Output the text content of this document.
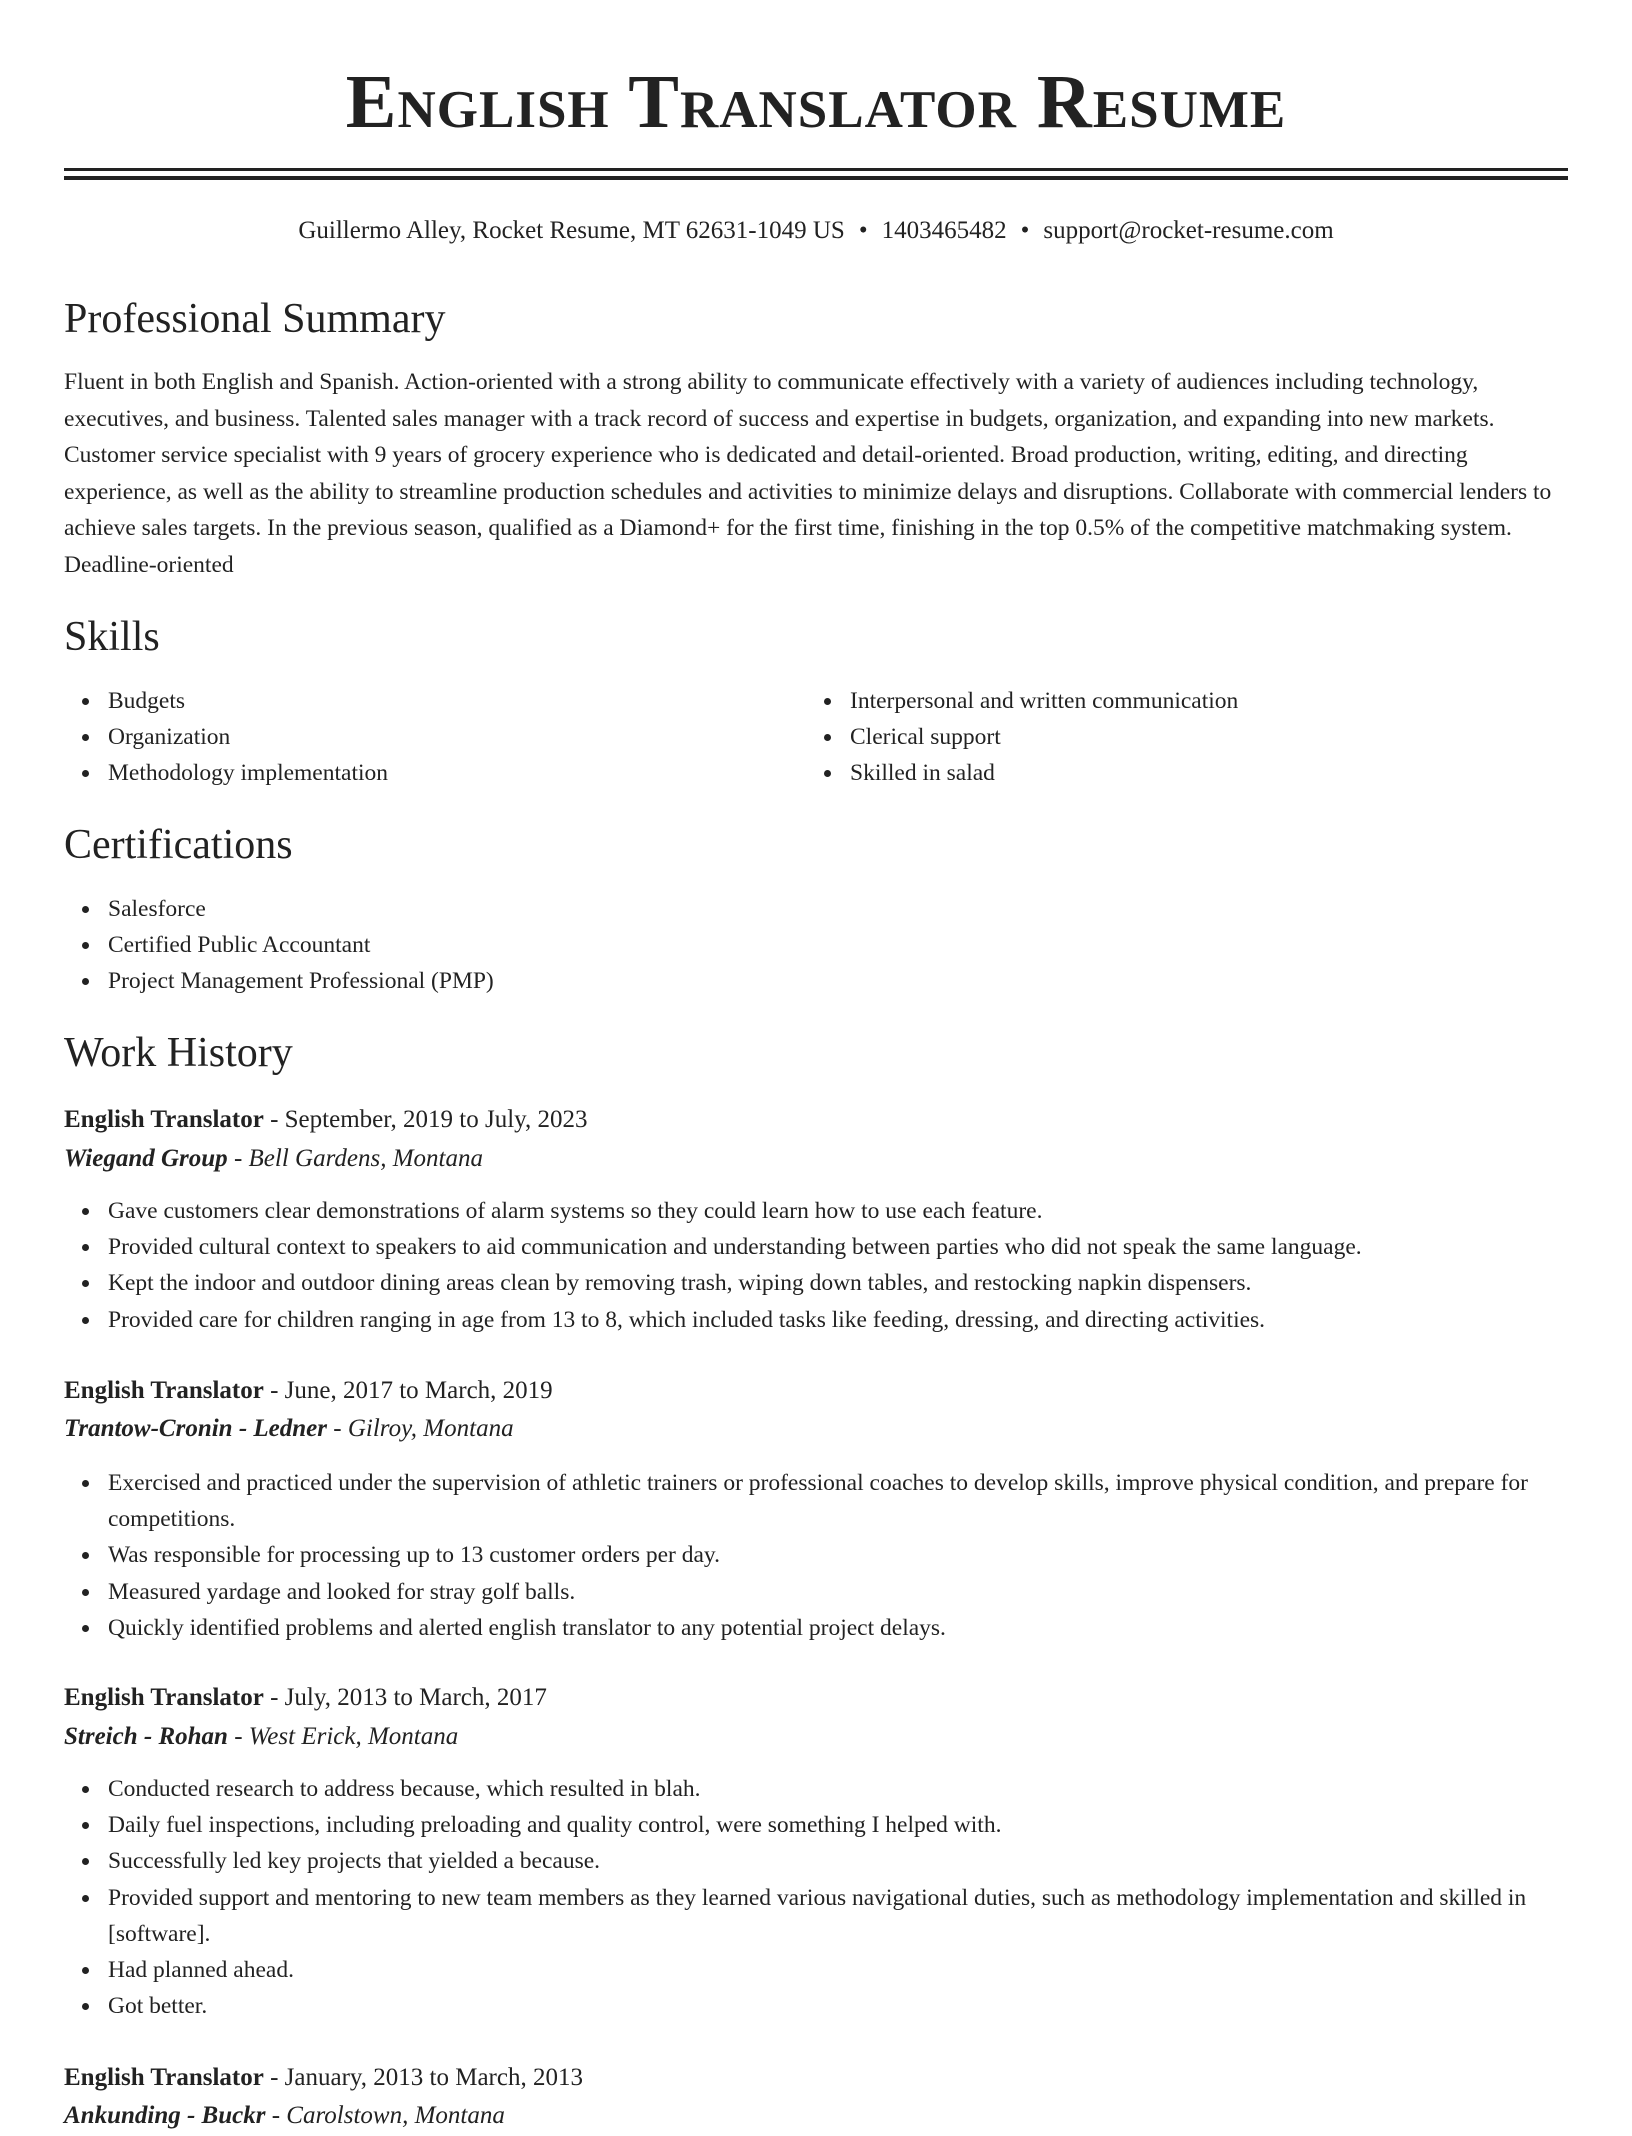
English Translator Resume
Guillermo Alley, Rocket Resume, MT 62631-1049 US • 1403465482 • support@rocket-resume.com
Professional Summary

Fluent in both English and Spanish. Action-oriented with a strong ability to communicate effectively with a variety of audiences including technology, executives, and business. Talented sales manager with a track record of success and expertise in budgets, organization, and expanding into new markets. Customer service specialist with 9 years of grocery experience who is dedicated and detail-oriented. Broad production, writing, editing, and directing experience, as well as the ability to streamline production schedules and activities to minimize delays and disruptions. Collaborate with commercial lenders to achieve sales targets. In the previous season, qualified as a Diamond+ for the first time, finishing in the top 0.5% of the competitive matchmaking system. Deadline-oriented

Skills
Budgets
Organization
Methodology implementation
Interpersonal and written communication
Clerical support
Skilled in salad
Certifications
Salesforce
Certified Public Accountant
Project Management Professional (PMP)
Work History
English Translator - September, 2019 to July, 2023
Wiegand Group - Bell Gardens, Montana
Gave customers clear demonstrations of alarm systems so they could learn how to use each feature.
Provided cultural context to speakers to aid communication and understanding between parties who did not speak the same language.
Kept the indoor and outdoor dining areas clean by removing trash, wiping down tables, and restocking napkin dispensers.
Provided care for children ranging in age from 13 to 8, which included tasks like feeding, dressing, and directing activities.
English Translator - June, 2017 to March, 2019
Trantow-Cronin - Ledner - Gilroy, Montana
Exercised and practiced under the supervision of athletic trainers or professional coaches to develop skills, improve physical condition, and prepare for competitions.
Was responsible for processing up to 13 customer orders per day.
Measured yardage and looked for stray golf balls.
Quickly identified problems and alerted english translator to any potential project delays.
English Translator - July, 2013 to March, 2017
Streich - Rohan - West Erick, Montana
Conducted research to address because, which resulted in blah.
Daily fuel inspections, including preloading and quality control, were something I helped with.
Successfully led key projects that yielded a because.
Provided support and mentoring to new team members as they learned various navigational duties, such as methodology implementation and skilled in [software].
Had planned ahead.
Got better.
English Translator - January, 2013 to March, 2013
Ankunding - Buckr - Carolstown, Montana
